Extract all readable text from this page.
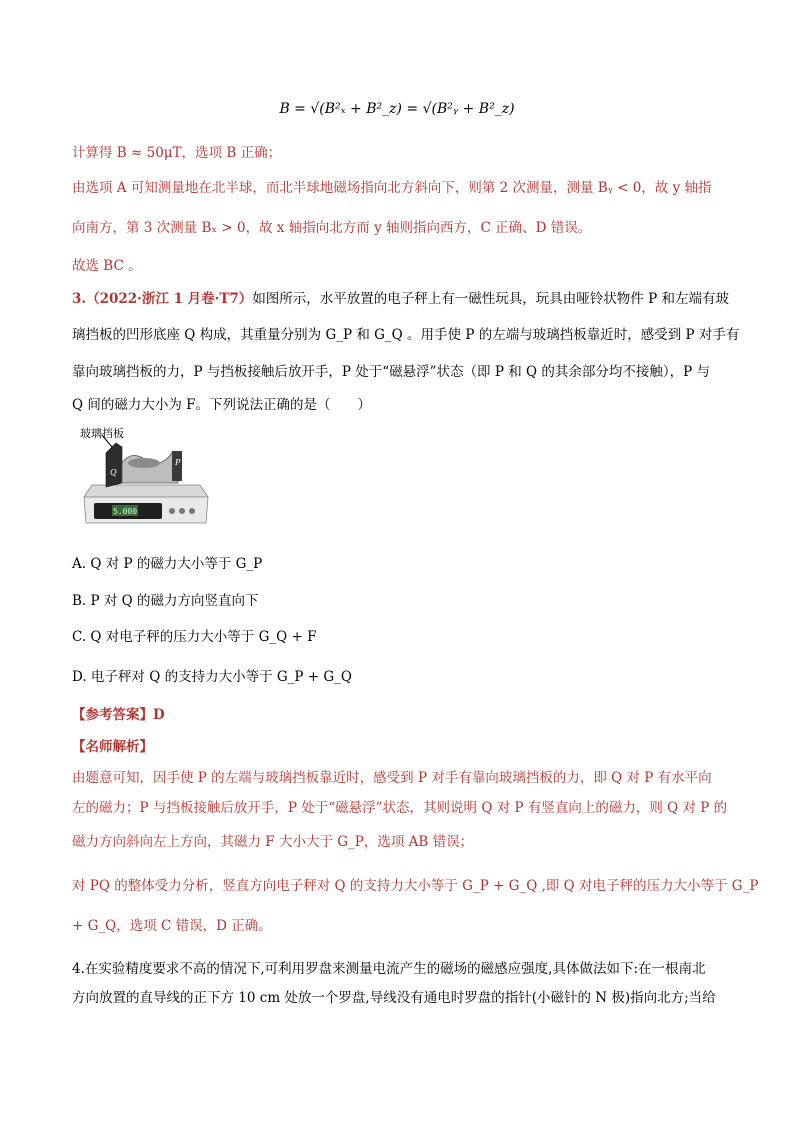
B = √(B²ₓ + B²_z) = √(B²ᵧ + B²_z)
计算得 B ≈ 50μT，选项 B 正确；
由选项 A 可知测量地在北半球，而北半球地磁场指向北方斜向下，则第 2 次测量，测量 Bᵧ < 0，故 y 轴指
向南方，第 3 次测量 Bₓ > 0，故 x 轴指向北方而 y 轴则指向西方，C 正确、D 错误。
故选 BC 。
3.（2022·浙江 1 月卷·T7）如图所示，水平放置的电子秤上有一磁性玩具，玩具由哑铃状物件 P 和左端有玻
璃挡板的凹形底座 Q 构成，其重量分别为 G_P 和 G_Q 。用手使 P 的左端与玻璃挡板靠近时，感受到 P 对手有
靠向玻璃挡板的力，P 与挡板接触后放开手，P 处于“磁悬浮”状态（即 P 和 Q 的其余部分均不接触），P 与
Q 间的磁力大小为 F。下列说法正确的是（　　）
玻璃挡板
5.000
Q
P
A. Q 对 P 的磁力大小等于 G_P
B. P 对 Q 的磁力方向竖直向下
C. Q 对电子秤的压力大小等于 G_Q + F
D. 电子秤对 Q 的支持力大小等于 G_P + G_Q
【参考答案】D
【名师解析】
由题意可知，因手使 P 的左端与玻璃挡板靠近时，感受到 P 对手有靠向玻璃挡板的力，即 Q 对 P 有水平向
左的磁力；P 与挡板接触后放开手，P 处于“磁悬浮”状态，其则说明 Q 对 P 有竖直向上的磁力，则 Q 对 P 的
磁力方向斜向左上方向，其磁力 F 大小大于 G_P，选项 AB 错误；
对 PQ 的整体受力分析，竖直方向电子秤对 Q 的支持力大小等于 G_P + G_Q ,即 Q 对电子秤的压力大小等于 G_P
+ G_Q，选项 C 错误，D 正确。
4.在实验精度要求不高的情况下,可利用罗盘来测量电流产生的磁场的磁感应强度,具体做法如下:在一根南北
方向放置的直导线的正下方 10 cm 处放一个罗盘,导线没有通电时罗盘的指针(小磁针的 N 极)指向北方;当给
